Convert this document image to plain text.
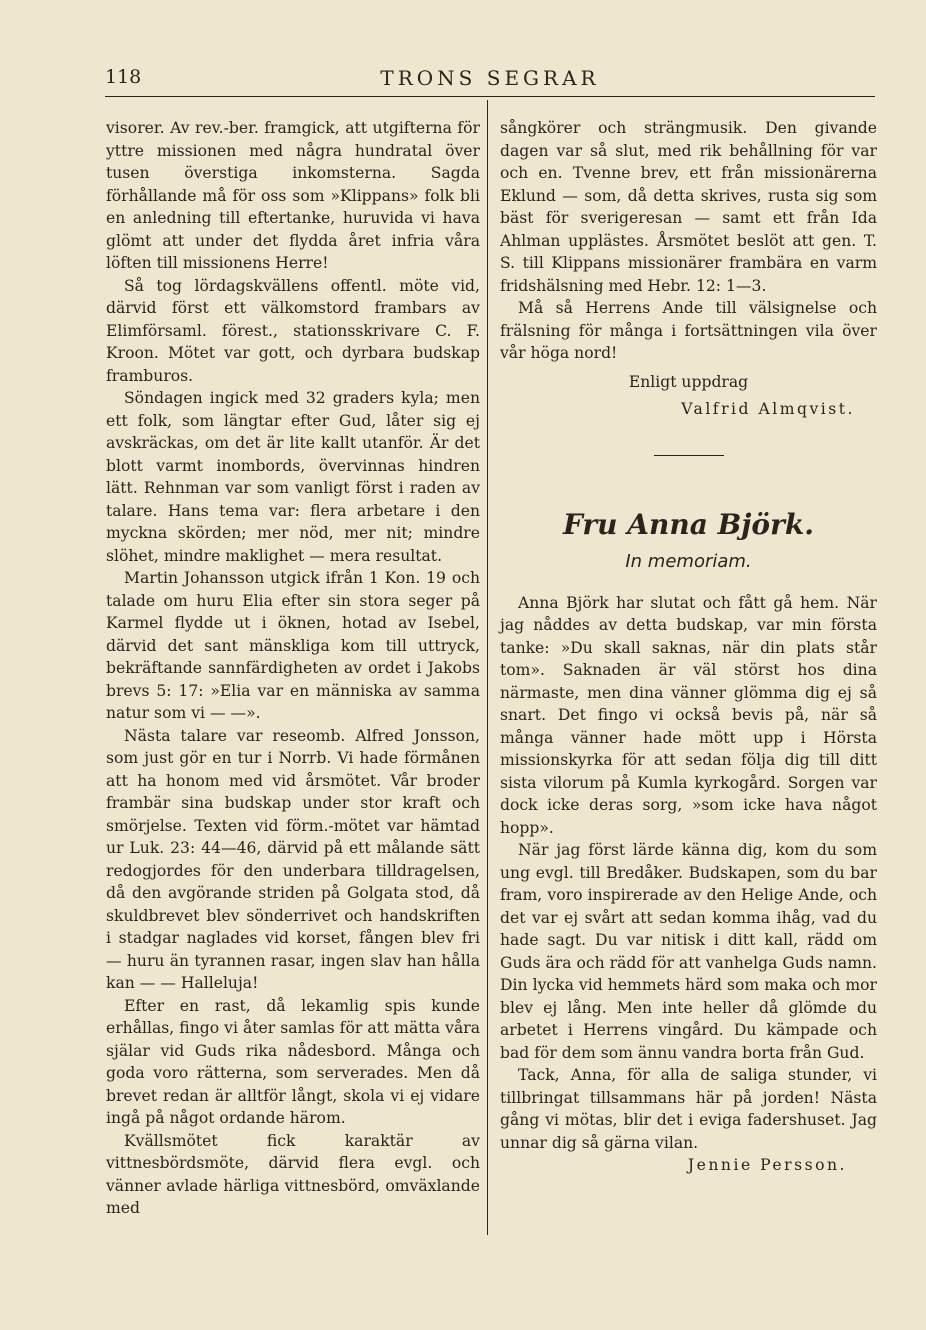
118	TRONS SEGRAR

visorer. Av rev.-ber. framgick, att utgifterna för yttre missionen med några hundratal över tusen överstiga inkomsterna. Sagda förhållande må för oss som »Klippans» folk bli en anledning till eftertanke, huruvida vi hava glömt att under det flydda året infria våra löften till missionens Herre!

Så tog lördagskvällens offentl. möte vid, därvid först ett välkomstord frambars av Elimförsaml. förest., stationsskrivare C. F. Kroon. Mötet var gott, och dyrbara budskap framburos.

Söndagen ingick med 32 graders kyla; men ett folk, som längtar efter Gud, låter sig ej avskräckas, om det är lite kallt utanför. Är det blott varmt inombords, övervinnas hindren lätt. Rehnman var som vanligt först i raden av talare. Hans tema var: flera arbetare i den myckna skörden; mer nöd, mer nit; mindre slöhet, mindre maklighet — mera resultat.

Martin Johansson utgick ifrån 1 Kon. 19 och talade om huru Elia efter sin stora seger på Karmel flydde ut i öknen, hotad av Isebel, därvid det sant mänskliga kom till uttryck, bekräftande sannfärdigheten av ordet i Jakobs brevs 5: 17: »Elia var en människa av samma natur som vi — —».

Nästa talare var reseomb. Alfred Jonsson, som just gör en tur i Norrb. Vi hade förmånen att ha honom med vid årsmötet. Vår broder frambär sina budskap under stor kraft och smörjelse. Texten vid förm.-mötet var hämtad ur Luk. 23: 44—46, därvid på ett målande sätt redogjordes för den underbara tilldragelsen, då den avgörande striden på Golgata stod, då skuldbrevet blev sönderrivet och handskriften i stadgar naglades vid korset, fången blev fri — huru än tyrannen rasar, ingen slav han hålla kan — — Halleluja!

Efter en rast, då lekamlig spis kunde erhållas, fingo vi åter samlas för att mätta våra själar vid Guds rika nådesbord. Många och goda voro rätterna, som serverades. Men då brevet redan är alltför långt, skola vi ej vidare ingå på något ordande härom.

Kvällsmötet fick karaktär av vittnesbördsmöte, därvid flera evgl. och vänner avlade härliga vittnesbörd, omväxlande med

sångkörer och strängmusik. Den givande dagen var så slut, med rik behållning för var och en. Tvenne brev, ett från missionärerna Eklund — som, då detta skrives, rusta sig som bäst för sverigeresan — samt ett från Ida Ahlman upplästes. Årsmötet beslöt att gen. T. S. till Klippans missionärer frambära en varm fridshälsning med Hebr. 12: 1—3.

Må så Herrens Ande till välsignelse och frälsning för många i fortsättningen vila över vår höga nord!

Enligt uppdrag
Valfrid Almqvist.
Fru Anna Björk.
In memoriam.

Anna Björk har slutat och fått gå hem. När jag nåddes av detta budskap, var min första tanke: »Du skall saknas, när din plats står tom». Saknaden är väl störst hos dina närmaste, men dina vänner glömma dig ej så snart. Det fingo vi också bevis på, när så många vänner hade mött upp i Hörsta missionskyrka för att sedan följa dig till ditt sista vilorum på Kumla kyrkogård. Sorgen var dock icke deras sorg, »som icke hava något hopp».

När jag först lärde känna dig, kom du som ung evgl. till Bredåker. Budskapen, som du bar fram, voro inspirerade av den Helige Ande, och det var ej svårt att sedan komma ihåg, vad du hade sagt. Du var nitisk i ditt kall, rädd om Guds ära och rädd för att vanhelga Guds namn. Din lycka vid hemmets härd som maka och mor blev ej lång. Men inte heller då glömde du arbetet i Herrens vingård. Du kämpade och bad för dem som ännu vandra borta från Gud.

Tack, Anna, för alla de saliga stunder, vi tillbringat tillsammans här på jorden! Nästa gång vi mötas, blir det i eviga fadershuset. Jag unnar dig så gärna vilan.

Jennie Persson.
